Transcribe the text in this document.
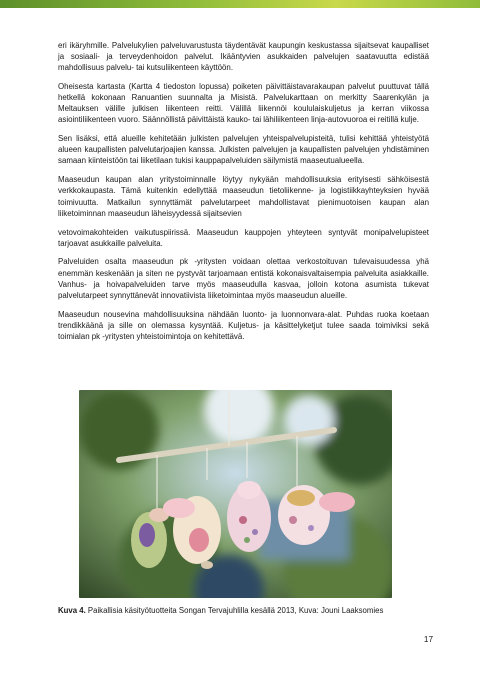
eri ikäryhmille. Palvelukylien palveluvarustusta täydentävät kaupungin keskustassa sijaitsevat kaupalliset ja sosiaali- ja terveydenhoidon palvelut. Ikääntyvien asukkaiden palvelujen saatavuutta edistää mahdollisuus palvelu- tai kutsuliikenteen käyttöön.

Oheisesta kartasta (Kartta 4 tiedoston lopussa) poiketen päivittäistavarakaupan palvelut puuttuvat tällä hetkellä kokonaan Ranuantien suunnalta ja Misistä. Palvelukarttaan on merkitty Saarenkylän ja Meltauksen välille julkisen liikenteen reitti. Välillä liikennöi koululaiskuljetus ja kerran viikossa asiointiliikenteen vuoro. Säännöllistä päivittäistä kauko- tai lähiliikenteen linja-autovuoroa ei reitillä kulje.

Sen lisäksi, että alueille kehitetään julkisten palvelujen yhteispalvelupisteitä, tulisi kehittää yhteistyötä alueen kaupallisten palvelutarjoajien kanssa. Julkisten palvelujen ja kaupallisten palvelujen yhdistäminen samaan kiinteistöön tai liiketilaan tukisi kauppapalveluiden säilymistä maaseutualueella.

Maaseudun kaupan alan yritystoiminnalle löytyy nykyään mahdollisuuksia erityisesti sähköisestä verkkokaupasta. Tämä kuitenkin edellyttää maaseudun tietoliikenne- ja logistiikkayhteyksien hyvää toimivuutta. Matkailun synnyttämät palvelutarpeet mahdollistavat pienimuotoisen kaupan alan liiketoiminnan maaseudun läheisyydessä sijaitsevien

vetovoimakohteiden vaikutuspiirissä. Maaseudun kauppojen yhteyteen syntyvät monipalvelupisteet tarjoavat asukkaille palveluita.

Palveluiden osalta maaseudun pk -yritysten voidaan olettaa verkostoituvan tulevaisuudessa yhä enemmän keskenään ja siten ne pystyvät tarjoamaan entistä kokonaisvaltaisempia palveluita asiakkaille. Vanhus- ja hoivapalveluiden tarve myös maaseudulla kasvaa, jolloin kotona asumista tukevat palvelutarpeet synnyttänevät innovatiivista liiketoimintaa myös maaseudun alueille.

Maaseudun nousevina mahdollisuuksina nähdään luonto- ja luonnonvara-alat. Puhdas ruoka koetaan trendikkäänä ja sille on olemassa kysyntää. Kuljetus- ja käsittelyketjut tulee saada toimiviksi sekä toimialan pk -yritysten yhteistoimintoja on kehitettävä.

Kuva 4. Paikallisia käsityötuotteita Songan Tervajuhlilla kesällä 2013, Kuva: Jouni Laaksomies
17
